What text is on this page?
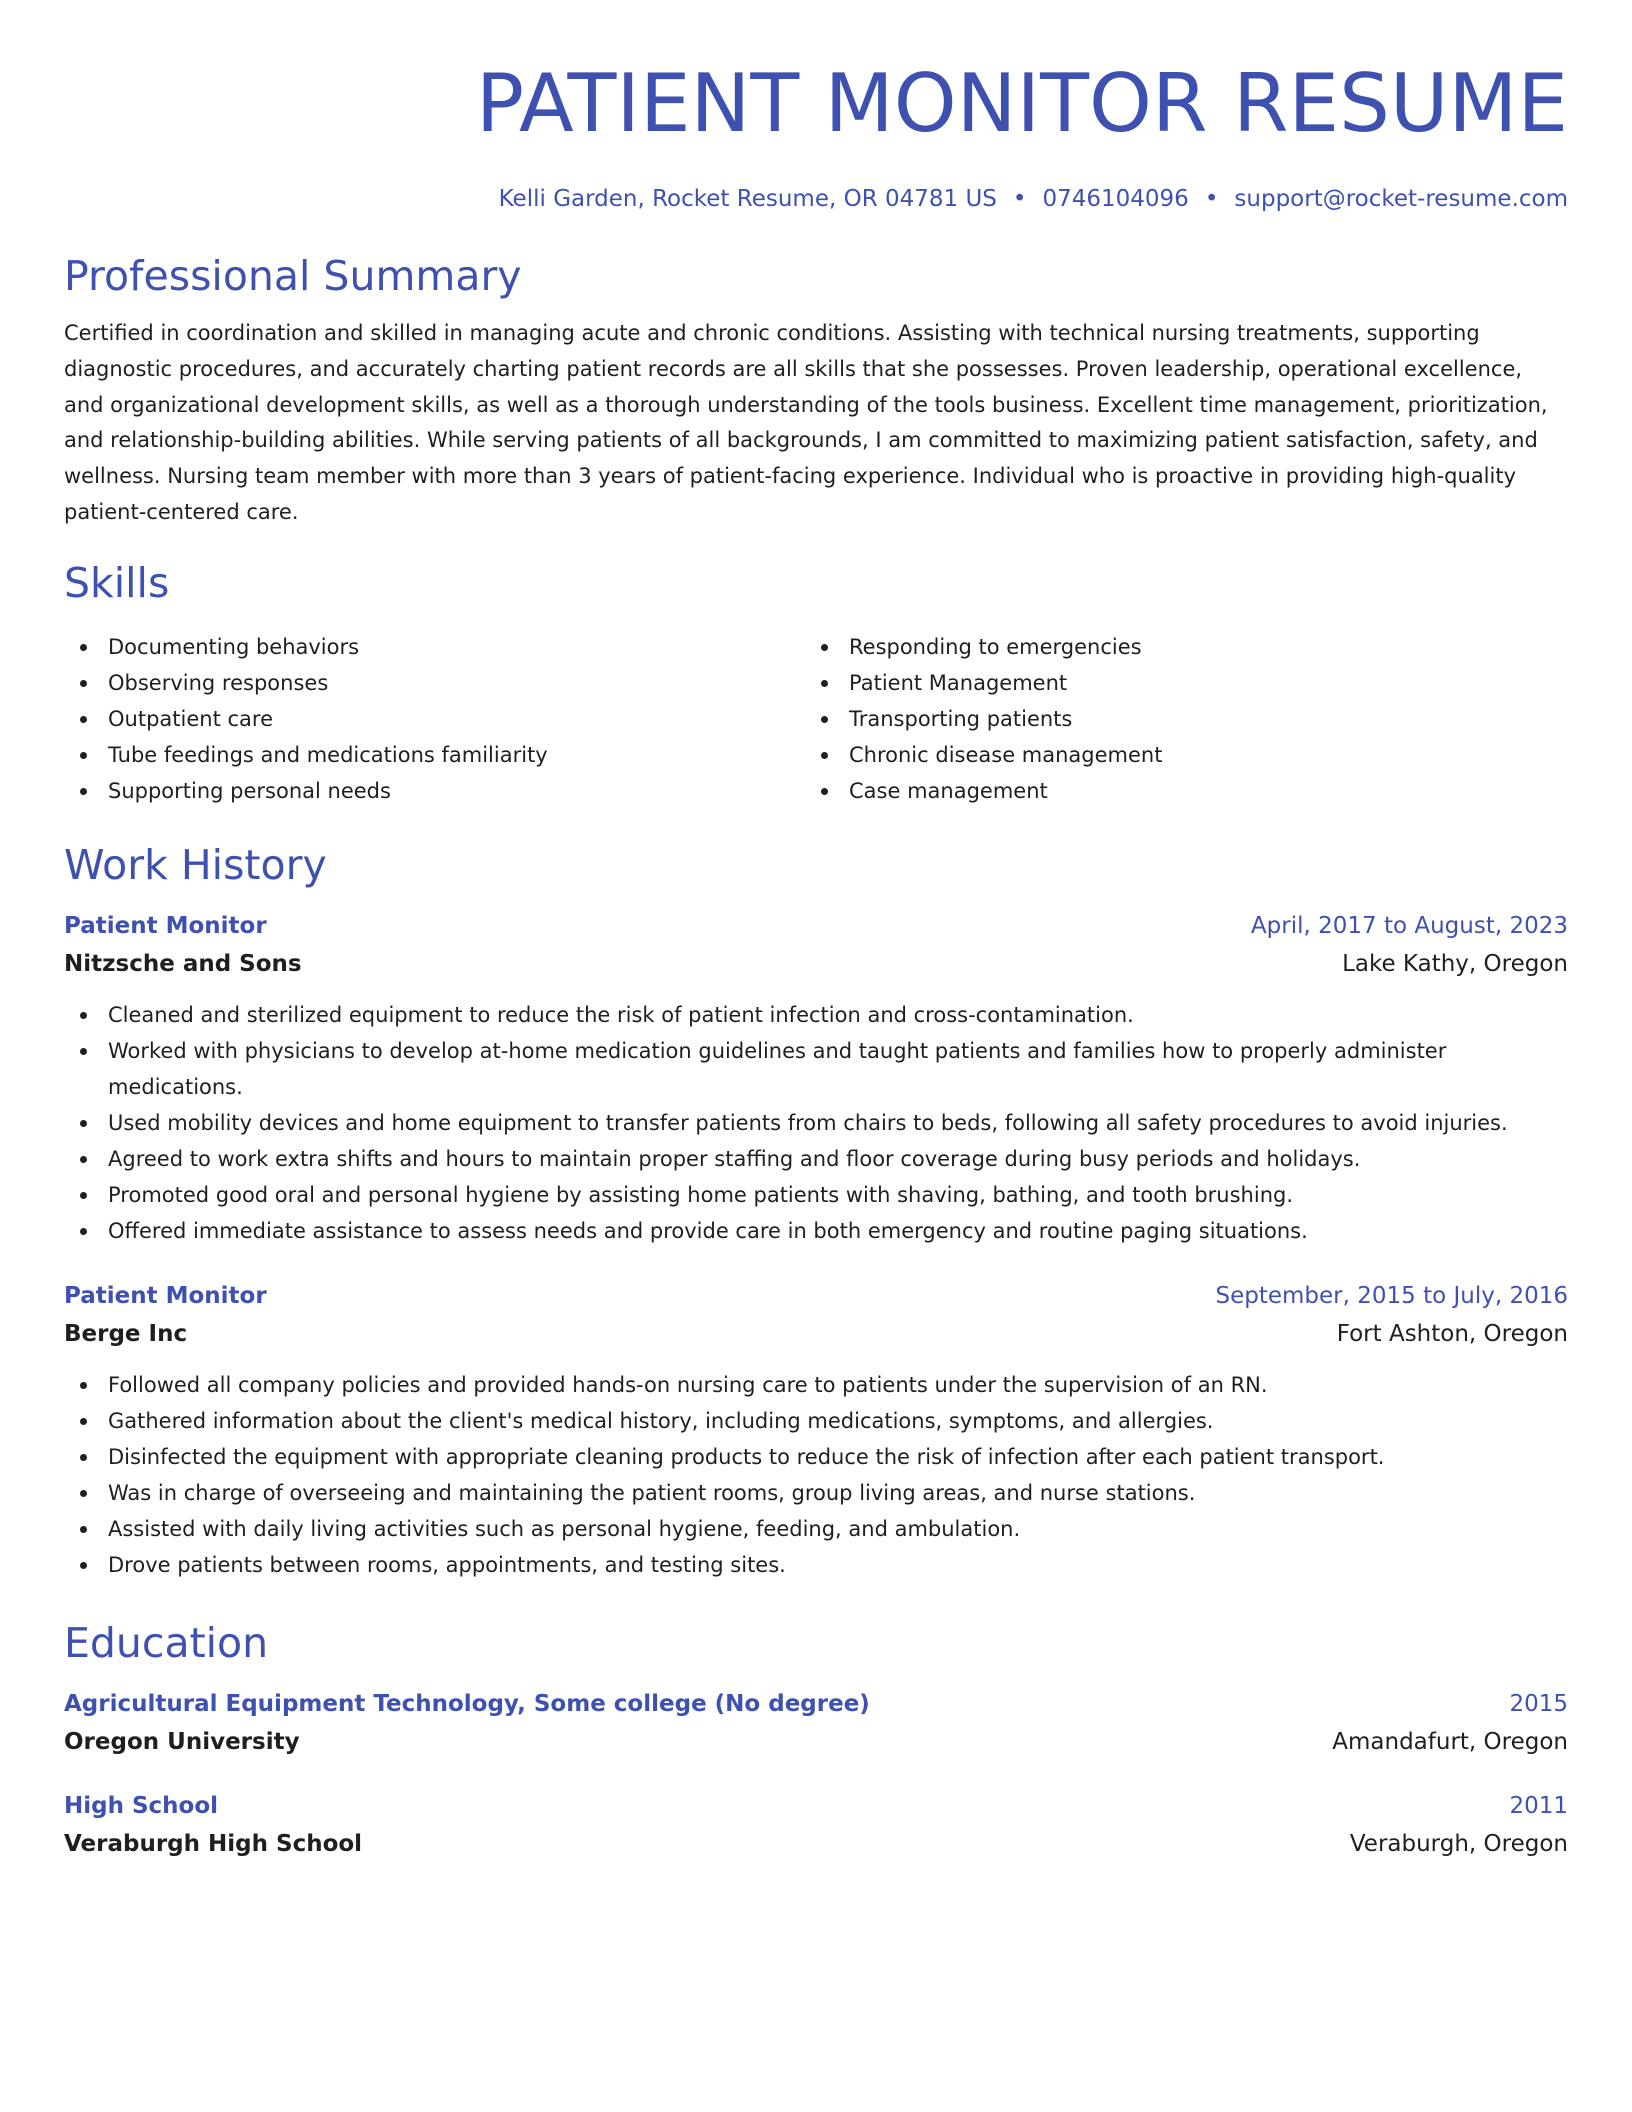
PATIENT MONITOR RESUME
Kelli Garden, Rocket Resume, OR 04781 US • 0746104096 • support@rocket-resume.com
Professional Summary

Certified in coordination and skilled in managing acute and chronic conditions. Assisting with technical nursing treatments, supporting diagnostic procedures, and accurately charting patient records are all skills that she possesses. Proven leadership, operational excellence, and organizational development skills, as well as a thorough understanding of the tools business. Excellent time management, prioritization, and relationship-building abilities. While serving patients of all backgrounds, I am committed to maximizing patient satisfaction, safety, and wellness. Nursing team member with more than 3 years of patient-facing experience. Individual who is proactive in providing high-quality patient-centered care.

Skills
Documenting behaviors
Observing responses
Outpatient care
Tube feedings and medications familiarity
Supporting personal needs
Responding to emergencies
Patient Management
Transporting patients
Chronic disease management
Case management
Work History
Patient Monitor	April, 2017 to August, 2023
Nitzsche and Sons	Lake Kathy, Oregon
Cleaned and sterilized equipment to reduce the risk of patient infection and cross-contamination.
Worked with physicians to develop at-home medication guidelines and taught patients and families how to properly administer medications.
Used mobility devices and home equipment to transfer patients from chairs to beds, following all safety procedures to avoid injuries.
Agreed to work extra shifts and hours to maintain proper staffing and floor coverage during busy periods and holidays.
Promoted good oral and personal hygiene by assisting home patients with shaving, bathing, and tooth brushing.
Offered immediate assistance to assess needs and provide care in both emergency and routine paging situations.
Patient Monitor	September, 2015 to July, 2016
Berge Inc	Fort Ashton, Oregon
Followed all company policies and provided hands-on nursing care to patients under the supervision of an RN.
Gathered information about the client's medical history, including medications, symptoms, and allergies.
Disinfected the equipment with appropriate cleaning products to reduce the risk of infection after each patient transport.
Was in charge of overseeing and maintaining the patient rooms, group living areas, and nurse stations.
Assisted with daily living activities such as personal hygiene, feeding, and ambulation.
Drove patients between rooms, appointments, and testing sites.
Education
Agricultural Equipment Technology, Some college (No degree)	2015
Oregon University	Amandafurt, Oregon
High School	2011
Veraburgh High School	Veraburgh, Oregon
